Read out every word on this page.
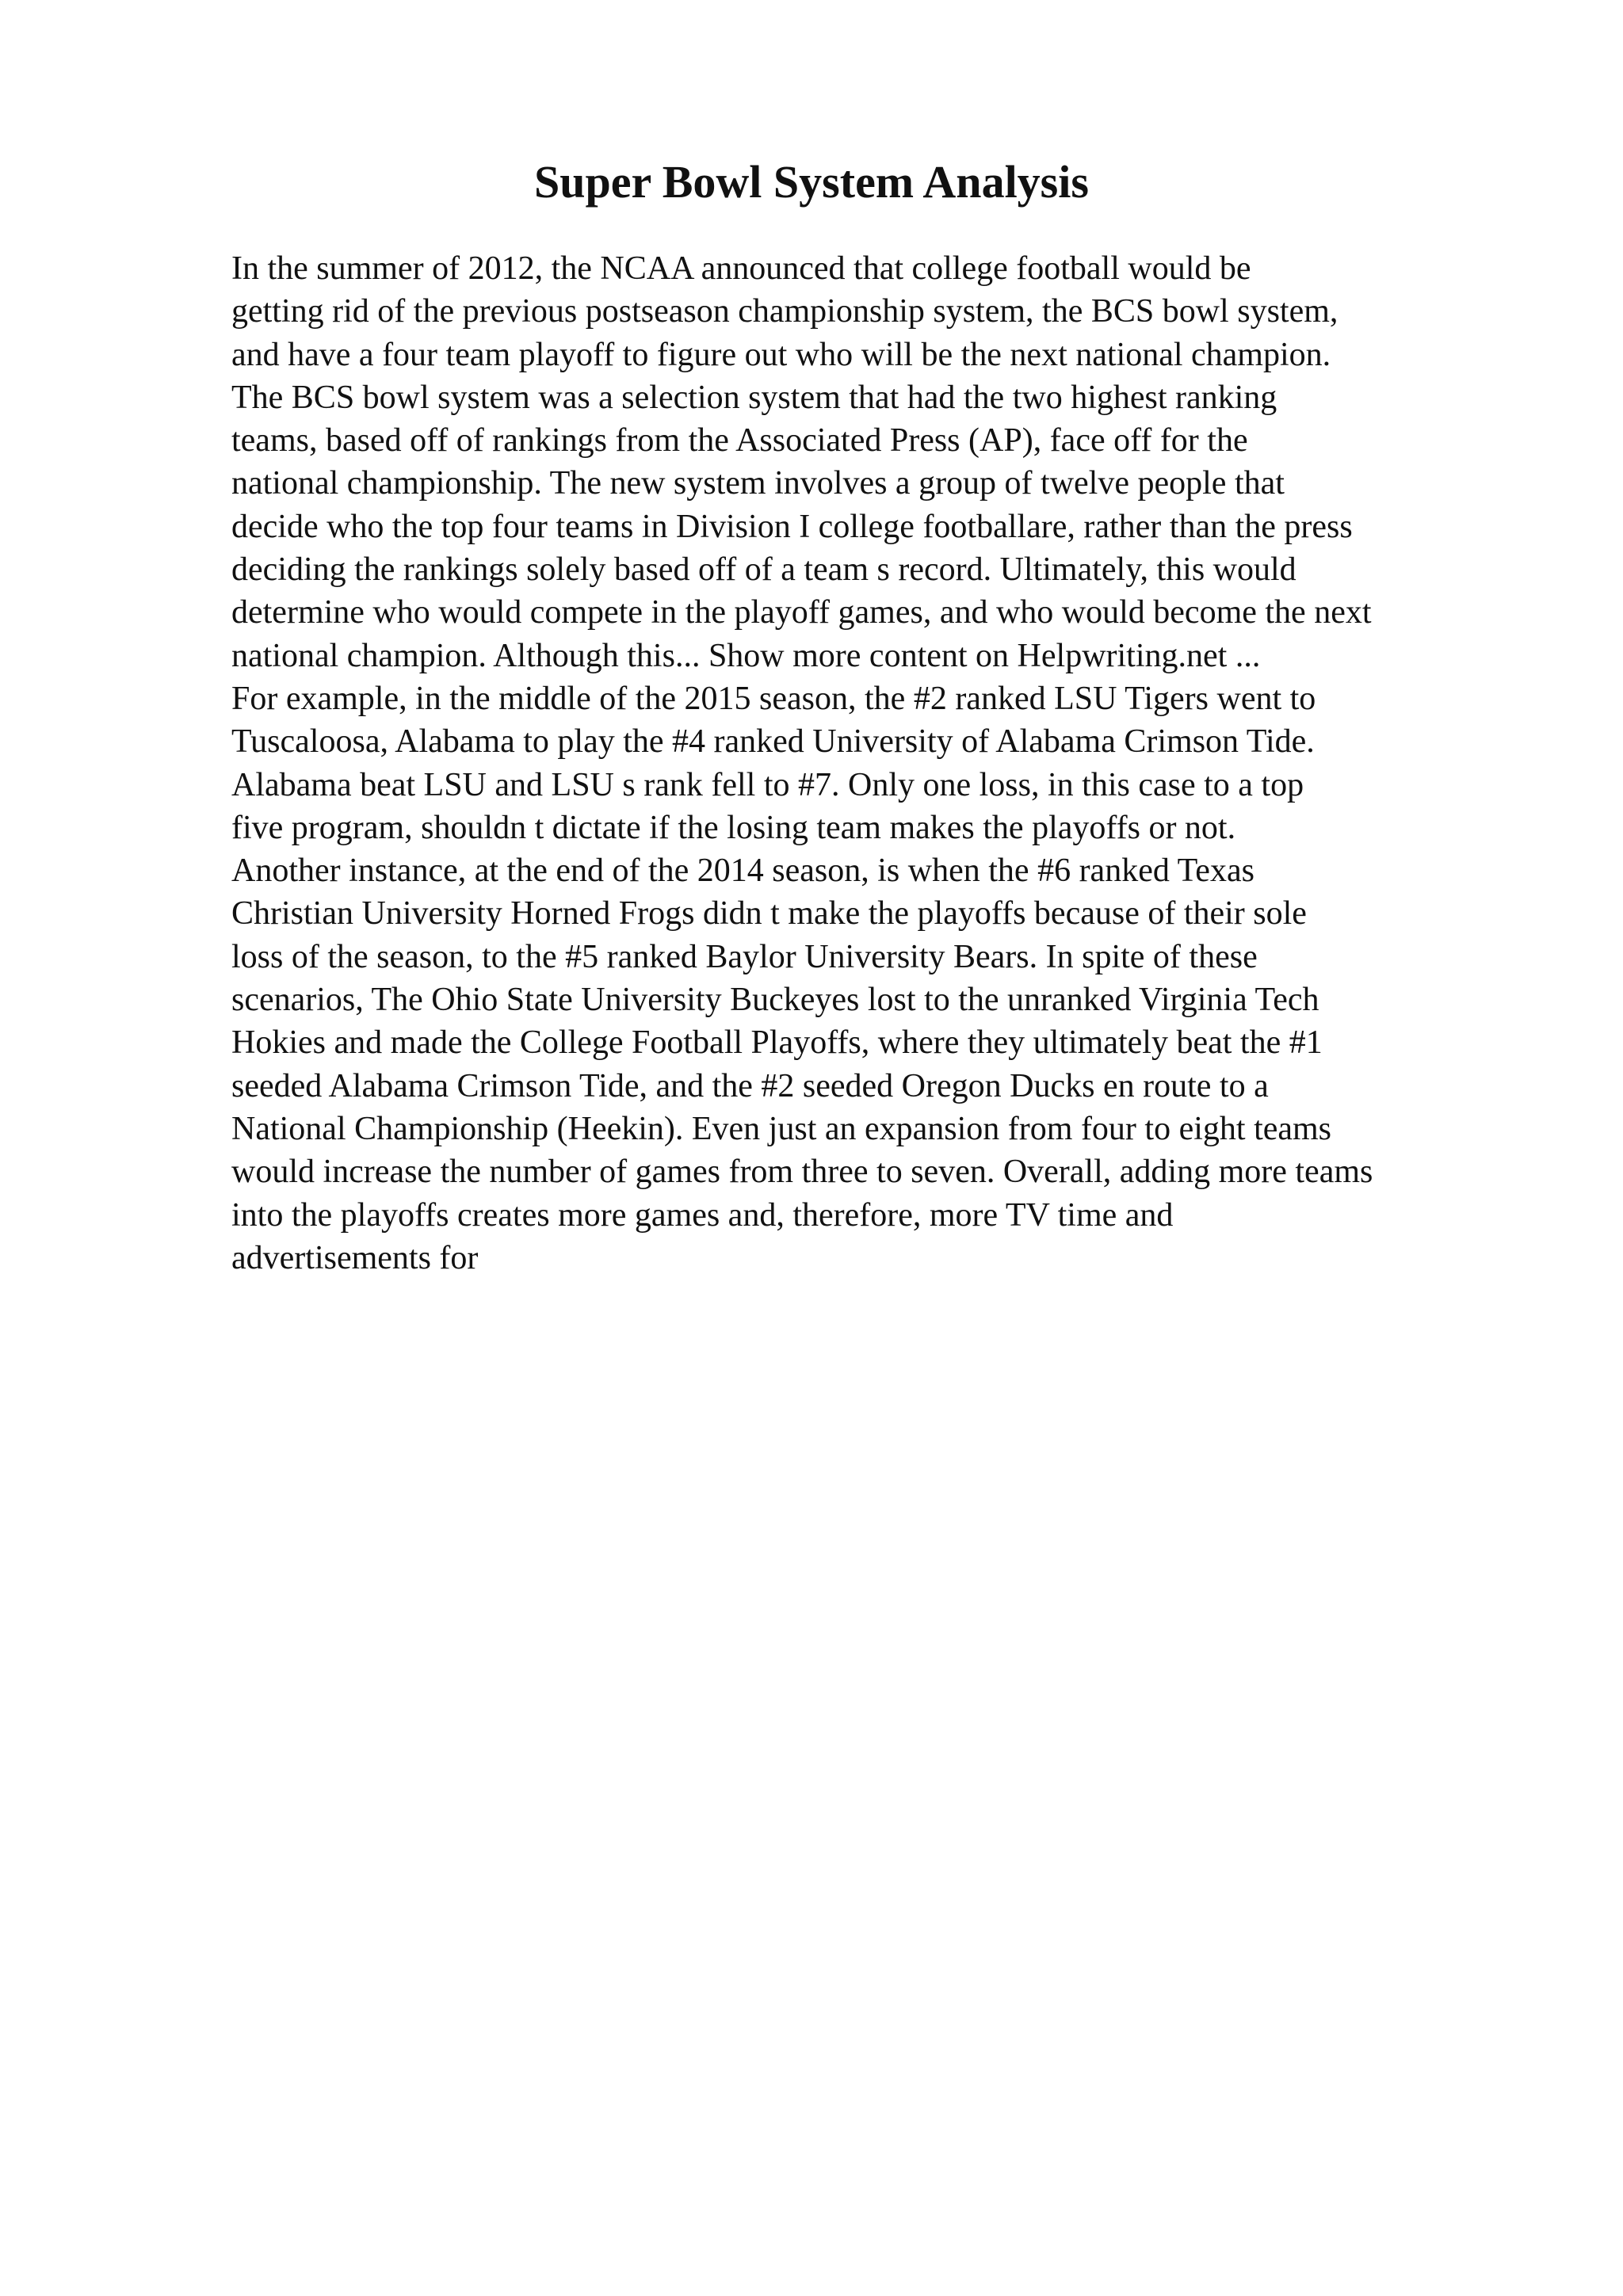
Super Bowl System Analysis
In the summer of 2012, the NCAA announced that college football would be
getting rid of the previous postseason championship system, the BCS bowl system,
and have a four team playoff to figure out who will be the next national champion.
The BCS bowl system was a selection system that had the two highest ranking
teams, based off of rankings from the Associated Press (AP), face off for the
national championship. The new system involves a group of twelve people that
decide who the top four teams in Division I college footballare, rather than the press
deciding the rankings solely based off of a team s record. Ultimately, this would
determine who would compete in the playoff games, and who would become the next
national champion. Although this... Show more content on Helpwriting.net ...
For example, in the middle of the 2015 season, the #2 ranked LSU Tigers went to
Tuscaloosa, Alabama to play the #4 ranked University of Alabama Crimson Tide.
Alabama beat LSU and LSU s rank fell to #7. Only one loss, in this case to a top
five program, shouldn t dictate if the losing team makes the playoffs or not.
Another instance, at the end of the 2014 season, is when the #6 ranked Texas
Christian University Horned Frogs didn t make the playoffs because of their sole
loss of the season, to the #5 ranked Baylor University Bears. In spite of these
scenarios, The Ohio State University Buckeyes lost to the unranked Virginia Tech
Hokies and made the College Football Playoffs, where they ultimately beat the #1
seeded Alabama Crimson Tide, and the #2 seeded Oregon Ducks en route to a
National Championship (Heekin). Even just an expansion from four to eight teams
would increase the number of games from three to seven. Overall, adding more teams
into the playoffs creates more games and, therefore, more TV time and
advertisements for
